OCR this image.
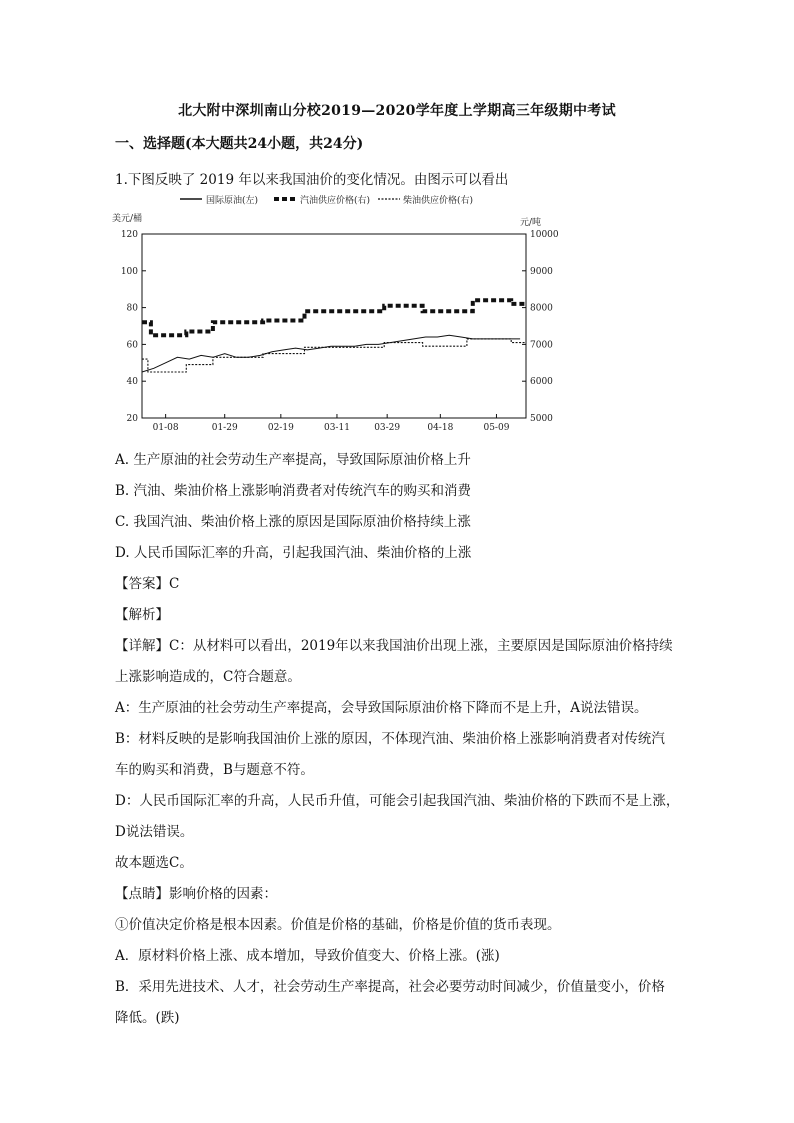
北大附中深圳南山分校2019—2020学年度上学期高三年级期中考试
一、选择题(本大题共24小题，共24分)
1.下图反映了 2019 年以来我国油价的变化情况。由图示可以看出
国际原油(左)	汽油供应价格(右)	柴油供应价格(右)
美元/桶	元/吨
20
40
60
80
100
120
5000
6000
7000
8000
9000
10000
01-08	01-29	02-19	03-11	03-29	04-18	05-09
A. 生产原油的社会劳动生产率提高，导致国际原油价格上升
B. 汽油、柴油价格上涨影响消费者对传统汽车的购买和消费
C. 我国汽油、柴油价格上涨的原因是国际原油价格持续上涨
D. 人民币国际汇率的升高，引起我国汽油、柴油价格的上涨
【答案】C
【解析】
【详解】C：从材料可以看出，2019年以来我国油价出现上涨，主要原因是国际原油价格持续
上涨影响造成的，C符合题意。
A：生产原油的社会劳动生产率提高，会导致国际原油价格下降而不是上升，A说法错误。
B：材料反映的是影响我国油价上涨的原因，不体现汽油、柴油价格上涨影响消费者对传统汽
车的购买和消费，B与题意不符。
D：人民币国际汇率的升高，人民币升值，可能会引起我国汽油、柴油价格的下跌而不是上涨，
D说法错误。
故本题选C。
【点睛】影响价格的因素：
①价值决定价格是根本因素。价值是价格的基础，价格是价值的货币表现。
A．原材料价格上涨、成本增加，导致价值变大、价格上涨。(涨)
B．采用先进技术、人才，社会劳动生产率提高，社会必要劳动时间减少，价值量变小，价格
降低。(跌)
